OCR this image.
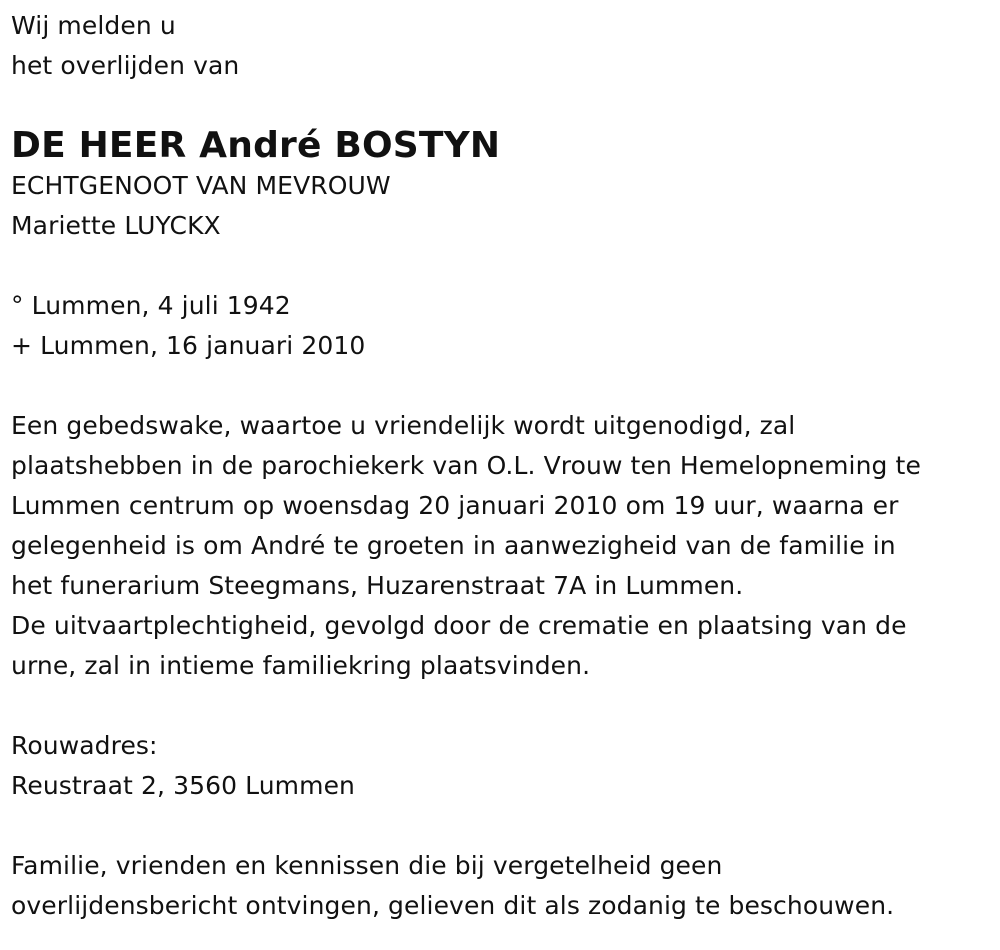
Wij melden u
het overlijden van
DE HEER André BOSTYN
ECHTGENOOT VAN MEVROUW
Mariette LUYCKX
° Lummen, 4 juli 1942
+ Lummen, 16 januari 2010
Een gebedswake, waartoe u vriendelijk wordt uitgenodigd, zal
plaatshebben in de parochiekerk van O.L. Vrouw ten Hemelopneming te
Lummen centrum op woensdag 20 januari 2010 om 19 uur, waarna er
gelegenheid is om André te groeten in aanwezigheid van de familie in
het funerarium Steegmans, Huzarenstraat 7A in Lummen.
De uitvaartplechtigheid, gevolgd door de crematie en plaatsing van de
urne, zal in intieme familiekring plaatsvinden.
Rouwadres:
Reustraat 2, 3560 Lummen
Familie, vrienden en kennissen die bij vergetelheid geen
overlijdensbericht ontvingen, gelieven dit als zodanig te beschouwen.
